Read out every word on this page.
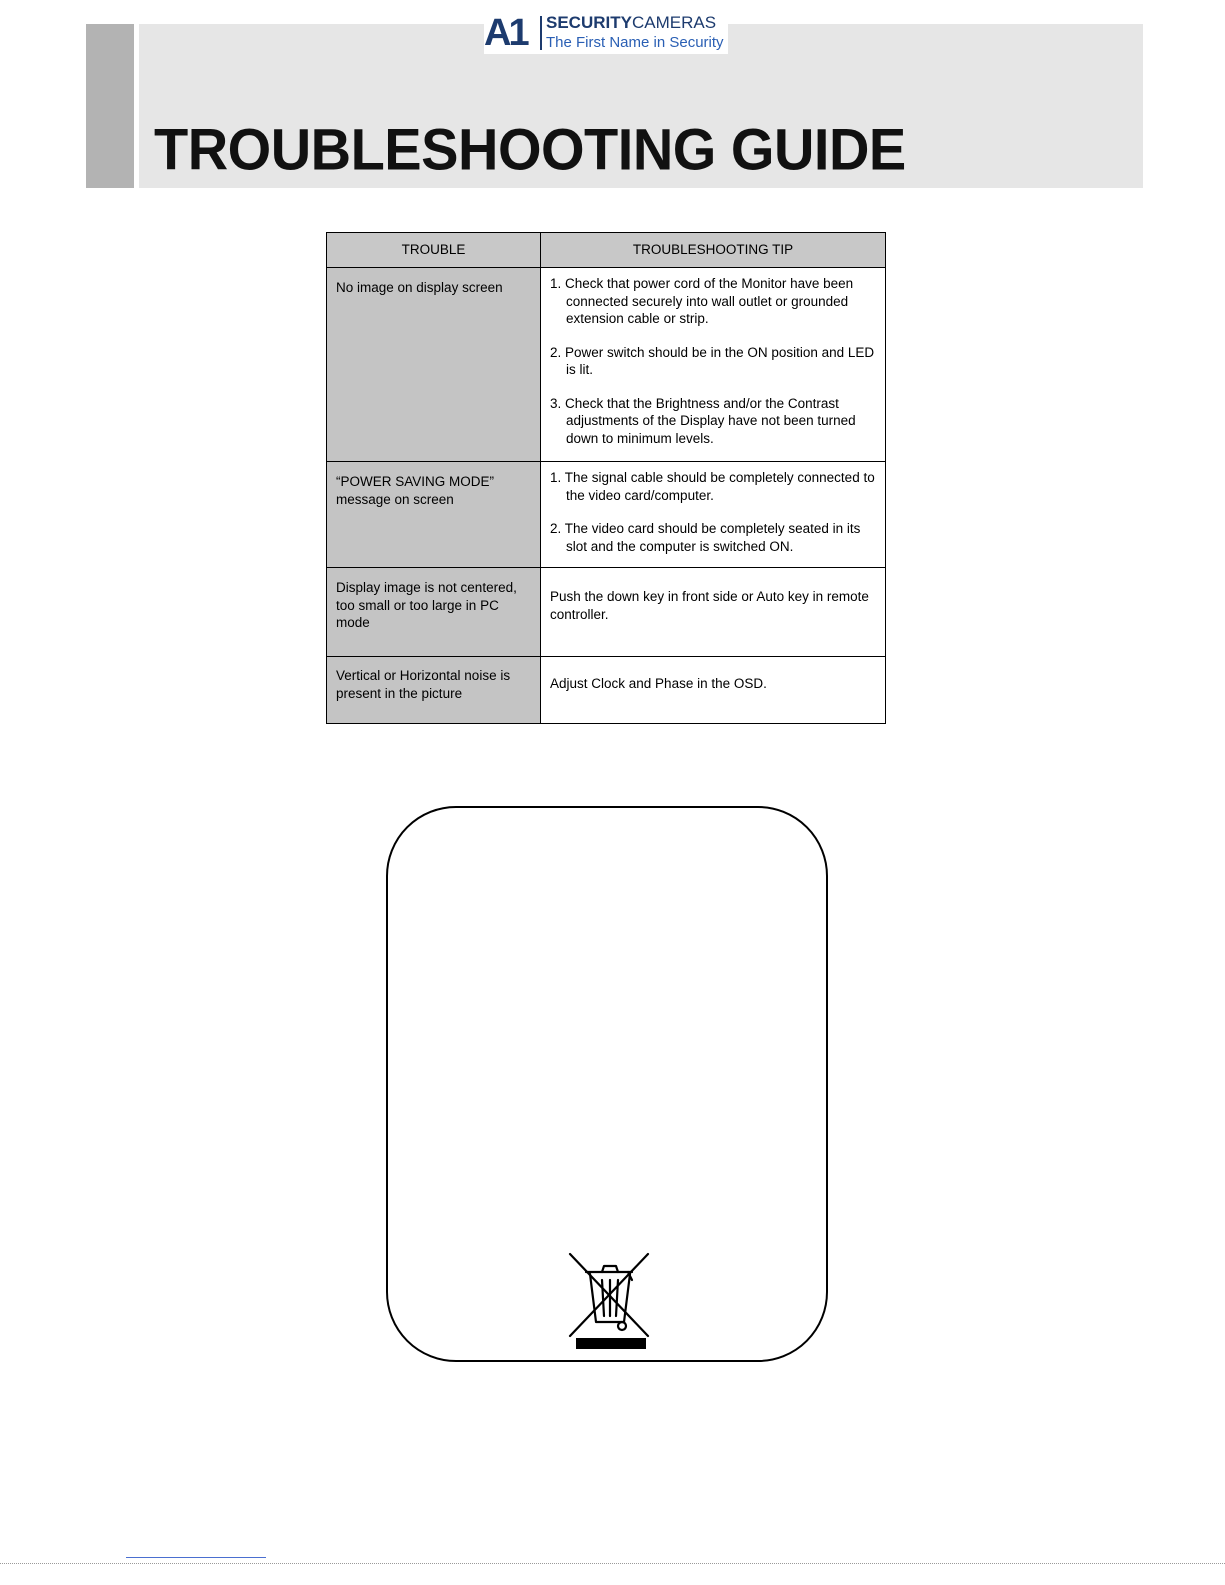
TROUBLESHOOTING GUIDE
A1 SECURITYCAMERAS
The First Name in Security
TROUBLE	TROUBLESHOOTING TIP
No image on display screen	1. Check that power cord of the Monitor have been connected securely into wall outlet or grounded extension cable or strip.
2. Power switch should be in the ON position and LED is lit.
3. Check that the Brightness and/or the Contrast adjustments of the Display have not been turned down to minimum levels.

“POWER SAVING MODE” message on screen	1. The signal cable should be completely connected to the video card/computer.
2. The video card should be completely seated in its slot and the computer is switched ON.

Display image is not centered, too small or too large in PC mode	Push the down key in front side or Auto key in remote controller.

Vertical or Horizontal noise is present in the picture	Adjust Clock and Phase in the OSD.
